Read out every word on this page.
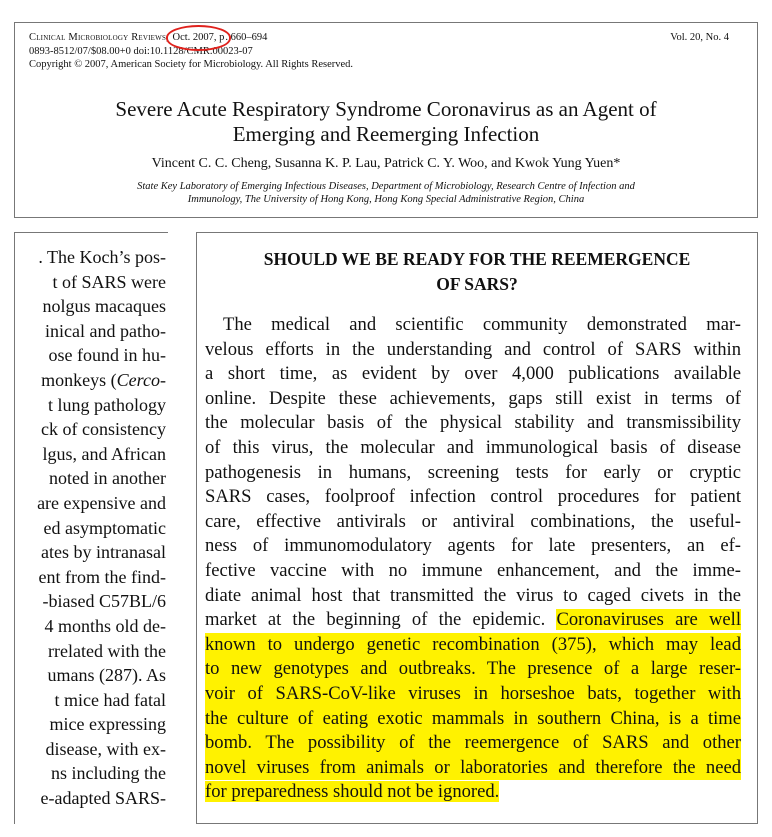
Clinical Microbiology Reviews, Oct. 2007, p. 660–694
0893-8512/07/$08.00+0 doi:10.1128/CMR.00023-07
Copyright © 2007, American Society for Microbiology. All Rights Reserved.
Vol. 20, No. 4
Severe Acute Respiratory Syndrome Coronavirus as an Agent of
Emerging and Reemerging Infection
Vincent C. C. Cheng, Susanna K. P. Lau, Patrick C. Y. Woo, and Kwok Yung Yuen*
State Key Laboratory of Emerging Infectious Diseases, Department of Microbiology, Research Centre of Infection and
Immunology, The University of Hong Kong, Hong Kong Special Administrative Region, China
. The Koch’s pos-
t of SARS were
nolgus macaques
inical and patho-
ose found in hu-
monkeys (Cerco-
t lung pathology
ck of consistency
lgus, and African
noted in another
are expensive and
ed asymptomatic
ates by intranasal
ent from the find-
-biased C57BL/6
4 months old de-
rrelated with the
umans (287). As
t mice had fatal
mice expressing
disease, with ex-
ns including the
e-adapted SARS-
SHOULD WE BE READY FOR THE REEMERGENCE
OF SARS?
The medical and scientific community demonstrated mar-
velous efforts in the understanding and control of SARS within
a short time, as evident by over 4,000 publications available
online. Despite these achievements, gaps still exist in terms of
the molecular basis of the physical stability and transmissibility
of this virus, the molecular and immunological basis of disease
pathogenesis in humans, screening tests for early or cryptic
SARS cases, foolproof infection control procedures for patient
care, effective antivirals or antiviral combinations, the useful-
ness of immunomodulatory agents for late presenters, an ef-
fective vaccine with no immune enhancement, and the imme-
diate animal host that transmitted the virus to caged civets in the
market at the beginning of the epidemic. Coronaviruses are well
known to undergo genetic recombination (375), which may lead
to new genotypes and outbreaks. The presence of a large reser-
voir of SARS-CoV-like viruses in horseshoe bats, together with
the culture of eating exotic mammals in southern China, is a time
bomb. The possibility of the reemergence of SARS and other
novel viruses from animals or laboratories and therefore the need
for preparedness should not be ignored.
